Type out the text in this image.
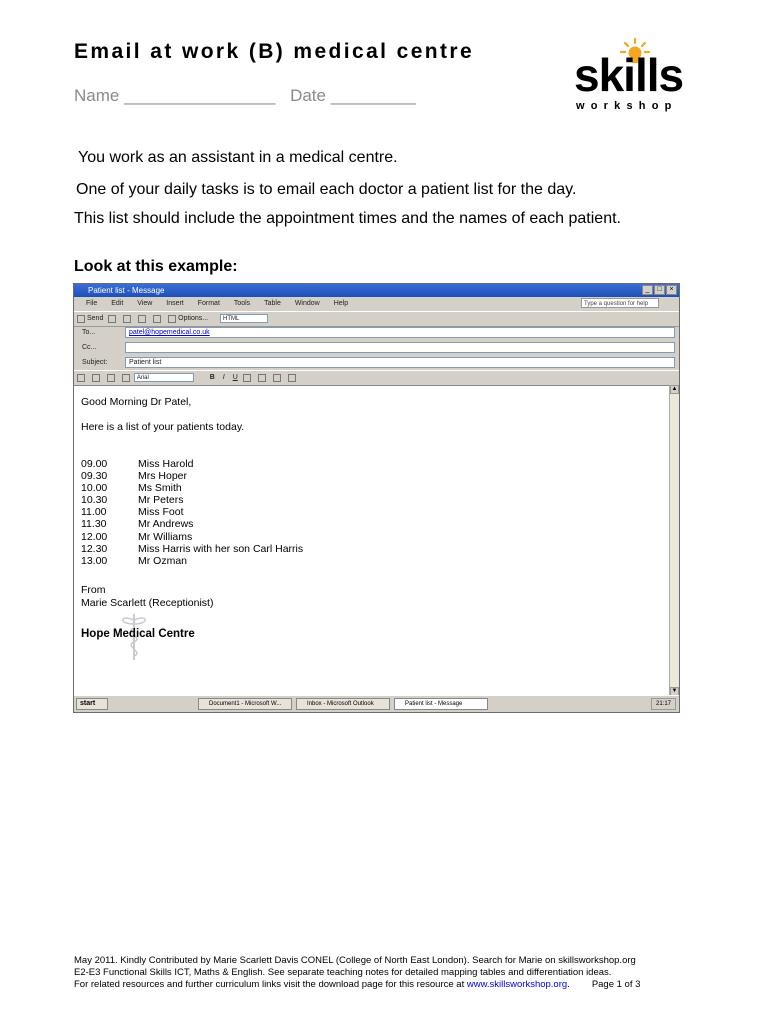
Email at work (B) medical centre
Name ________________ Date _________	skills
workshop
You work as an assistant in a medical centre.
One of your daily tasks is to email each doctor a patient list for the day.
This list should include the appointment times and the names of each patient.
Look at this example:
Patient list - Message	_	□	×
File Edit View Insert Format Tools Table Window Help	Type a question for help
Send	Options... HTML
To...	patel@hopemedical.co.uk
Cc...
Subject:	Patient list
Arial	B I U
Good Morning Dr Patel,
Here is a list of your patients today.
09.00	Miss Harold
09.30	Mrs Hoper
10.00	Ms Smith
10.30	Mr Peters
11.00	Miss Foot
11.30	Mr Andrews
12.00	Mr Williams
12.30	Miss Harris with her son Carl Harris
13.00	Mr Ozman
From
Marie Scarlett (Receptionist)
Hope Medical Centre
▲
▼
start	Document1 - Microsoft W...	Inbox - Microsoft Outlook	Patient list - Message	21:17
May 2011. Kindly Contributed by Marie Scarlett Davis CONEL (College of North East London). Search for Marie on skillsworkshop.org
E2-E3 Functional Skills ICT, Maths & English. See separate teaching notes for detailed mapping tables and differentiation ideas.
For related resources and further curriculum links visit the download page for this resource at www.skillsworkshop.org. Page 1 of 3
